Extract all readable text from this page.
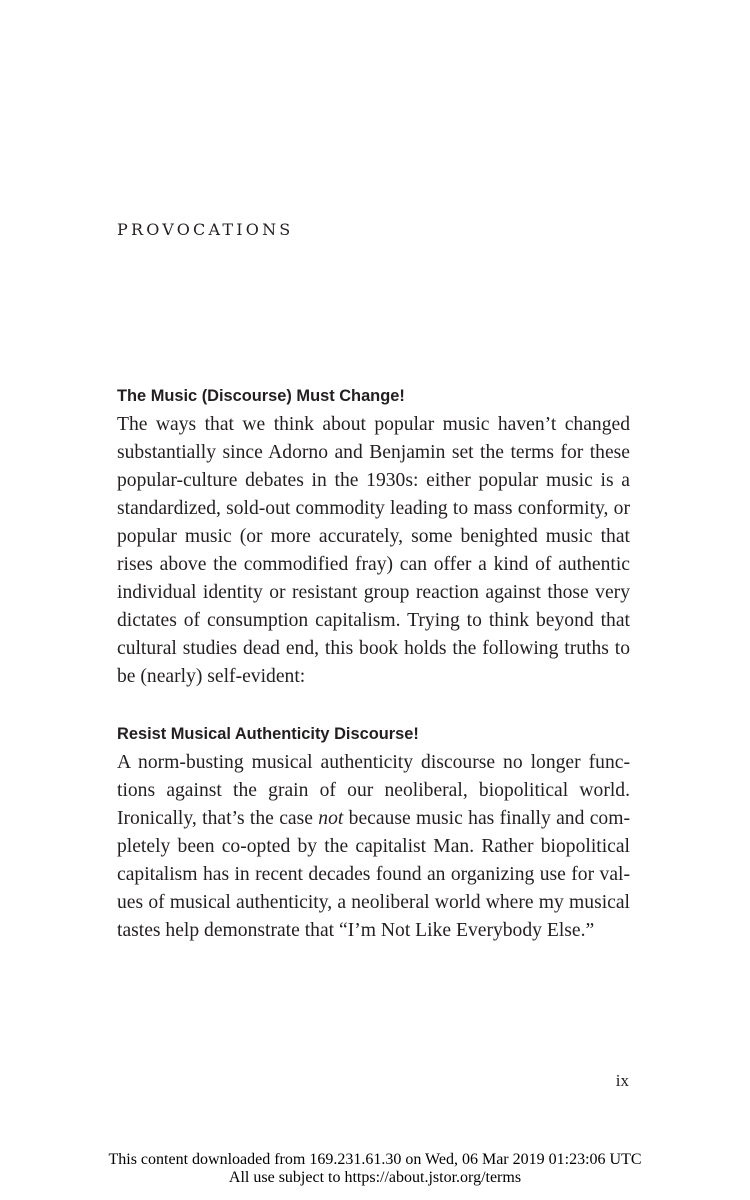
PROVOCATIONS
The Music (Discourse) Must Change!

The ways that we think about popular music haven’t changed substantially since Adorno and Benjamin set the terms for these popular-culture debates in the 1930s: either popular music is a standardized, sold-out commodity leading to mass conformity, or popular music (or more accurately, some benighted music that rises above the commodified fray) can offer a kind of authentic individual identity or resistant group reaction against those very dictates of consumption capitalism. Trying to think beyond that cultural studies dead end, this book holds the following truths to be (nearly) self-evident:

Resist Musical Authenticity Discourse!

A norm-busting musical authenticity discourse no longer functions against the grain of our neoliberal, biopolitical world. Ironically, that’s the case not because music has finally and completely been co-opted by the capitalist Man. Rather biopolitical capitalism has in recent decades found an organizing use for values of musical authenticity, a neoliberal world where my musical tastes help demonstrate that “I’m Not Like Everybody Else.”

ix
This content downloaded from 169.231.61.30 on Wed, 06 Mar 2019 01:23:06 UTC
All use subject to https://about.jstor.org/terms
